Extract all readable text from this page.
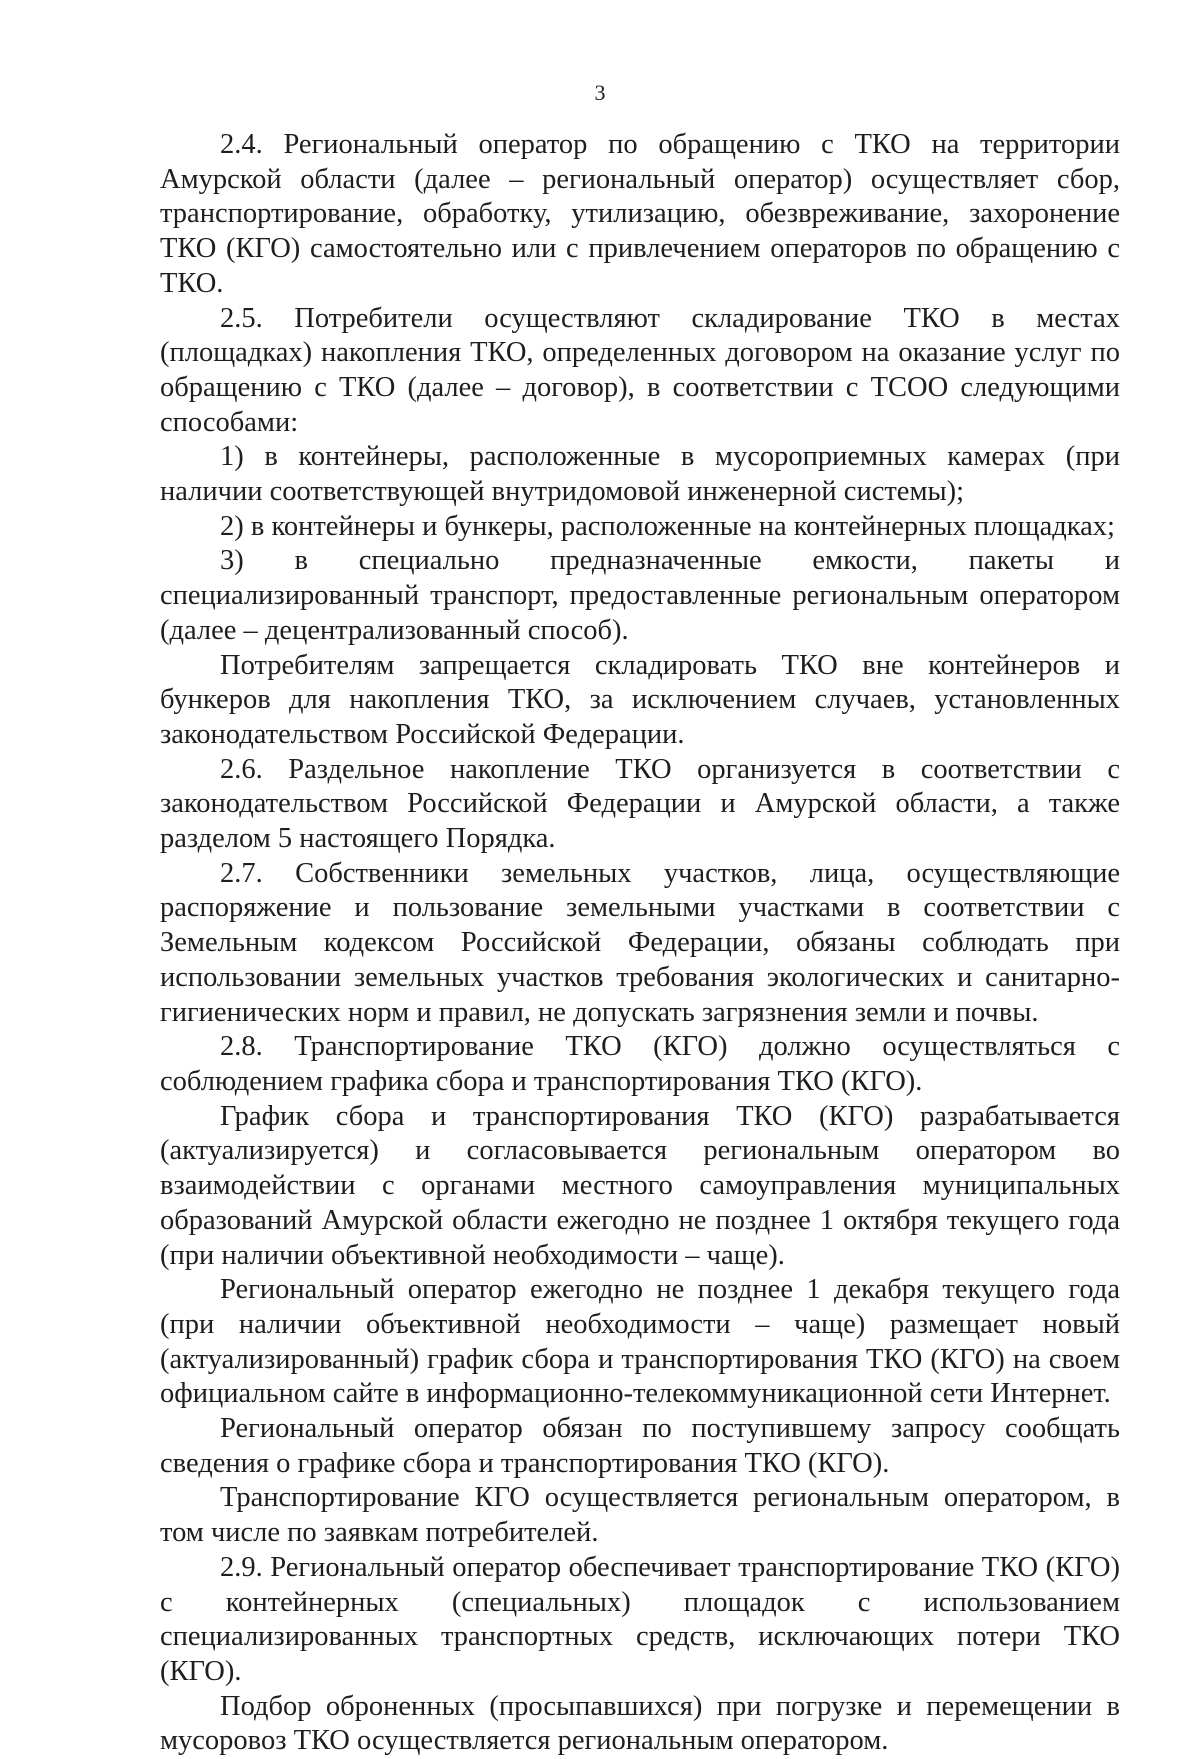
3

2.4. Региональный оператор по обращению с ТКО на территории Амурской области (далее – региональный оператор) осуществляет сбор, транспортирование, обработку, утилизацию, обезвреживание, захоронение ТКО (КГО) самостоятельно или с привлечением операторов по обращению с ТКО.

2.5. Потребители осуществляют складирование ТКО в местах (площадках) накопления ТКО, определенных договором на оказание услуг по обращению с ТКО (далее – договор), в соответствии с ТСОО следующими способами:

1) в контейнеры, расположенные в мусороприемных камерах (при наличии соответствующей внутридомовой инженерной системы);

2) в контейнеры и бункеры, расположенные на контейнерных площадках;

3) в специально предназначенные емкости, пакеты и специализированный транспорт, предоставленные региональным оператором (далее – децентрализованный способ).

Потребителям запрещается складировать ТКО вне контейнеров и бункеров для накопления ТКО, за исключением случаев, установленных законодательством Российской Федерации.

2.6. Раздельное накопление ТКО организуется в соответствии с законодательством Российской Федерации и Амурской области, а также разделом 5 настоящего Порядка.

2.7. Собственники земельных участков, лица, осуществляющие распоряжение и пользование земельными участками в соответствии с Земельным кодексом Российской Федерации, обязаны соблюдать при использовании земельных участков требования экологических и санитарно-гигиенических норм и правил, не допускать загрязнения земли и почвы.

2.8. Транспортирование ТКО (КГО) должно осуществляться с соблюдением графика сбора и транспортирования ТКО (КГО).

График сбора и транспортирования ТКО (КГО) разрабатывается (актуализируется) и согласовывается региональным оператором во взаимодействии с органами местного самоуправления муниципальных образований Амурской области ежегодно не позднее 1 октября текущего года (при наличии объективной необходимости – чаще).

Региональный оператор ежегодно не позднее 1 декабря текущего года (при наличии объективной необходимости – чаще) размещает новый (актуализированный) график сбора и транспортирования ТКО (КГО) на своем официальном сайте в информационно-телекоммуникационной сети Интернет.

Региональный оператор обязан по поступившему запросу сообщать сведения о графике сбора и транспортирования ТКО (КГО).

Транспортирование КГО осуществляется региональным оператором, в том числе по заявкам потребителей.

2.9. Региональный оператор обеспечивает транспортирование ТКО (КГО) с контейнерных (специальных) площадок с использованием специализированных транспортных средств, исключающих потери ТКО (КГО).

Подбор оброненных (просыпавшихся) при погрузке и перемещении в мусоровоз ТКО осуществляется региональным оператором.
